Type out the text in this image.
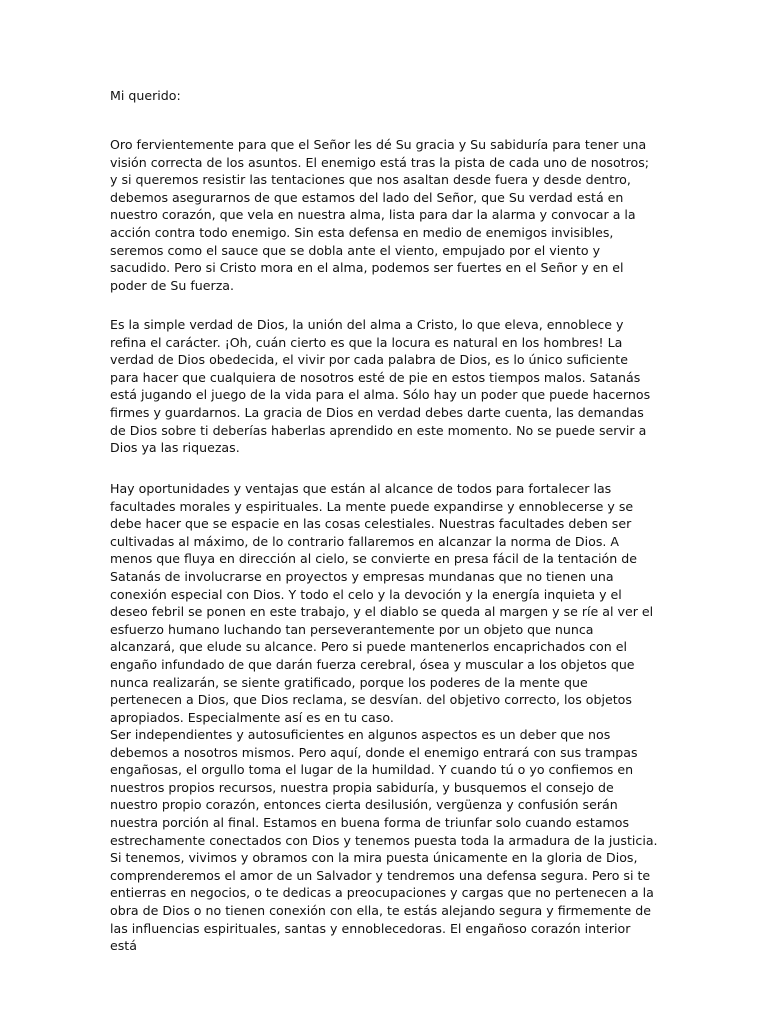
Mi querido:

Oro fervientemente para que el Señor les dé Su gracia y Su sabiduría para tener una visión correcta de los asuntos. El enemigo está tras la pista de cada uno de nosotros; y si queremos resistir las tentaciones que nos asaltan desde fuera y desde dentro, debemos asegurarnos de que estamos del lado del Señor, que Su verdad está en nuestro corazón, que vela en nuestra alma, lista para dar la alarma y convocar a la acción contra todo enemigo. Sin esta defensa en medio de enemigos invisibles, seremos como el sauce que se dobla ante el viento, empujado por el viento y sacudido. Pero si Cristo mora en el alma, podemos ser fuertes en el Señor y en el poder de Su fuerza.

Es la simple verdad de Dios, la unión del alma a Cristo, lo que eleva, ennoblece y refina el carácter. ¡Oh, cuán cierto es que la locura es natural en los hombres! La verdad de Dios obedecida, el vivir por cada palabra de Dios, es lo único suficiente para hacer que cualquiera de nosotros esté de pie en estos tiempos malos. Satanás está jugando el juego de la vida para el alma. Sólo hay un poder que puede hacernos firmes y guardarnos. La gracia de Dios en verdad debes darte cuenta, las demandas de Dios sobre ti deberías haberlas aprendido en este momento. No se puede servir a Dios ya las riquezas.

Hay oportunidades y ventajas que están al alcance de todos para fortalecer las facultades morales y espirituales. La mente puede expandirse y ennoblecerse y se debe hacer que se espacie en las cosas celestiales. Nuestras facultades deben ser cultivadas al máximo, de lo contrario fallaremos en alcanzar la norma de Dios. A menos que fluya en dirección al cielo, se convierte en presa fácil de la tentación de Satanás de involucrarse en proyectos y empresas mundanas que no tienen una conexión especial con Dios. Y todo el celo y la devoción y la energía inquieta y el deseo febril se ponen en este trabajo, y el diablo se queda al margen y se ríe al ver el esfuerzo humano luchando tan perseverantemente por un objeto que nunca alcanzará, que elude su alcance. Pero si puede mantenerlos encaprichados con el engaño infundado de que darán fuerza cerebral, ósea y muscular a los objetos que nunca realizarán, se siente gratificado, porque los poderes de la mente que pertenecen a Dios, que Dios reclama, se desvían. del objetivo correcto, los objetos apropiados. Especialmente así es en tu caso.

Ser independientes y autosuficientes en algunos aspectos es un deber que nos debemos a nosotros mismos. Pero aquí, donde el enemigo entrará con sus trampas engañosas, el orgullo toma el lugar de la humildad. Y cuando tú o yo confiemos en nuestros propios recursos, nuestra propia sabiduría, y busquemos el consejo de nuestro propio corazón, entonces cierta desilusión, vergüenza y confusión serán nuestra porción al final. Estamos en buena forma de triunfar solo cuando estamos estrechamente conectados con Dios y tenemos puesta toda la armadura de la justicia. Si tenemos, vivimos y obramos con la mira puesta únicamente en la gloria de Dios, comprenderemos el amor de un Salvador y tendremos una defensa segura. Pero si te entierras en negocios, o te dedicas a preocupaciones y cargas que no pertenecen a la obra de Dios o no tienen conexión con ella, te estás alejando segura y firmemente de las influencias espirituales, santas y ennoblecedoras. El engañoso corazón interior está
